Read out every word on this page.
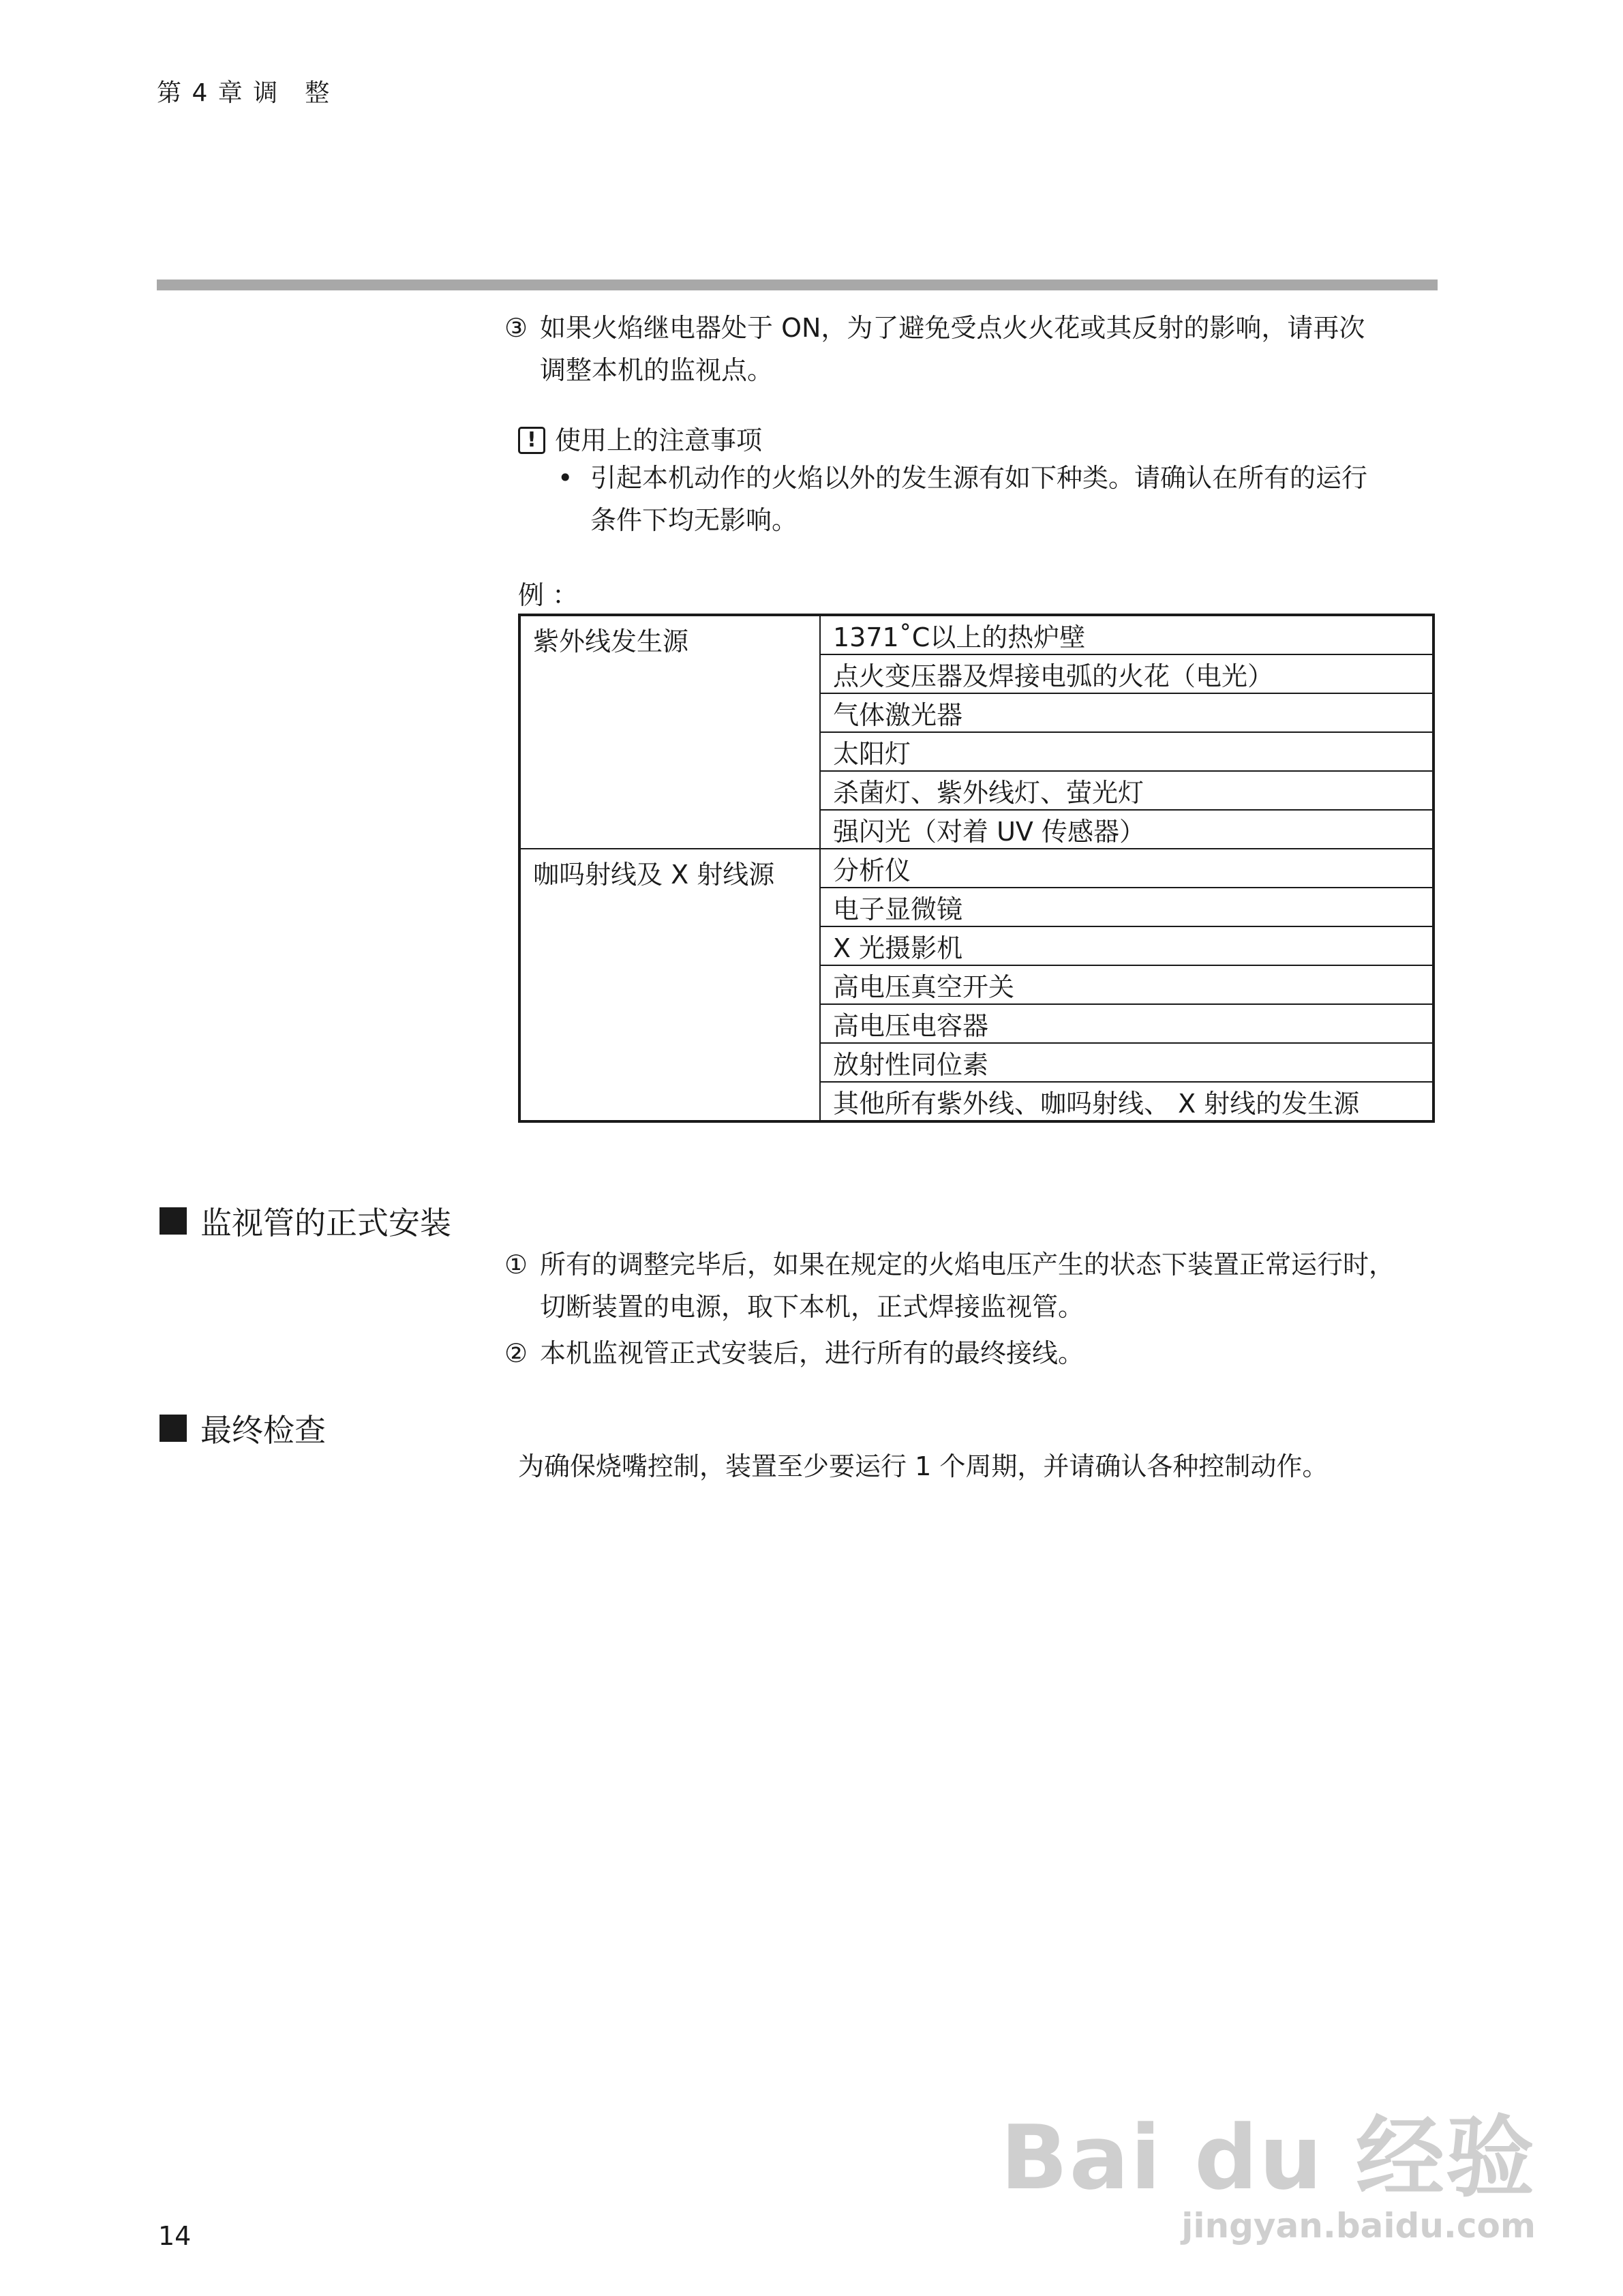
第 4 章 调　整
③ 如果火焰继电器处于 ON，为了避免受点火火花或其反射的影响，请再次
调整本机的监视点。
! 使用上的注意事项
• 引起本机动作的火焰以外的发生源有如下种类。请确认在所有的运行
条件下均无影响。
例 ：
紫外线发生源	1371˚C以上的热炉壁
	点火变压器及焊接电弧的火花（电光）
	气体激光器
	太阳灯
	杀菌灯、紫外线灯、萤光灯
	强闪光（对着 UV 传感器）
咖吗射线及 X 射线源	分析仪
	电子显微镜
	X 光摄影机
	高电压真空开关
	高电压电容器
	放射性同位素
	其他所有紫外线、咖吗射线、 X 射线的发生源
监视管的正式安装
① 所有的调整完毕后，如果在规定的火焰电压产生的状态下装置正常运行时，
切断装置的电源，取下本机，正式焊接监视管。
② 本机监视管正式安装后，进行所有的最终接线。
最终检查
为确保烧嘴控制，装置至少要运行 1 个周期，并请确认各种控制动作。
14
Bai du 经验
jingyan.baidu.com
